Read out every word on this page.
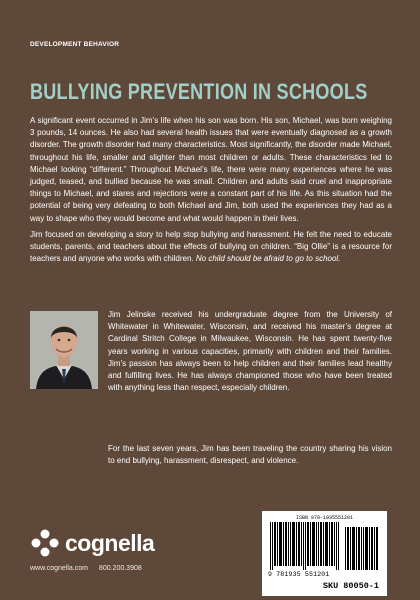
DEVELOPMENT BEHAVIOR
BULLYING PREVENTION IN SCHOOLS

A significant event occurred in Jim’s life when his son was born. His son, Michael, was born weighing 3 pounds, 14 ounces. He also had several health issues that were eventually diagnosed as a growth disorder. The growth disorder had many characteristics. Most significantly, the disorder made Michael, throughout his life, smaller and slighter than most children or adults. These characteristics led to Michael looking “different.” Throughout Michael’s life, there were many experiences where he was judged, teased, and bullied because he was small. Children and adults said cruel and inappropriate things to Michael, and stares and rejections were a constant part of his life. As this situation had the potential of being very defeating to both Michael and Jim, both used the experiences they had as a way to shape who they would become and what would happen in their lives.

Jim focused on developing a story to help stop bullying and harassment. He felt the need to educate students, parents, and teachers about the effects of bullying on children. “Big Ollie” is a resource for teachers and anyone who works with children. No child should be afraid to go to school.

Jim Jelinske received his undergraduate degree from the University of Whitewater in Whitewater, Wisconsin, and received his master’s degree at Cardinal Stritch College in Milwaukee, Wisconsin. He has spent twenty-five years working in various capacities, primarily with children and their families. Jim’s passion has always been to help children and their families lead healthy and fulfilling lives. He has always championed those who have been treated with anything less than respect, especially children.

For the last seven years, Jim has been traveling the country sharing his vision to end bullying, harassment, disrespect, and violence.

cognella
www.cognella.com 800.200.3908
ISBN 978-1935551201
9 781935 551201
SKU 80050-1
